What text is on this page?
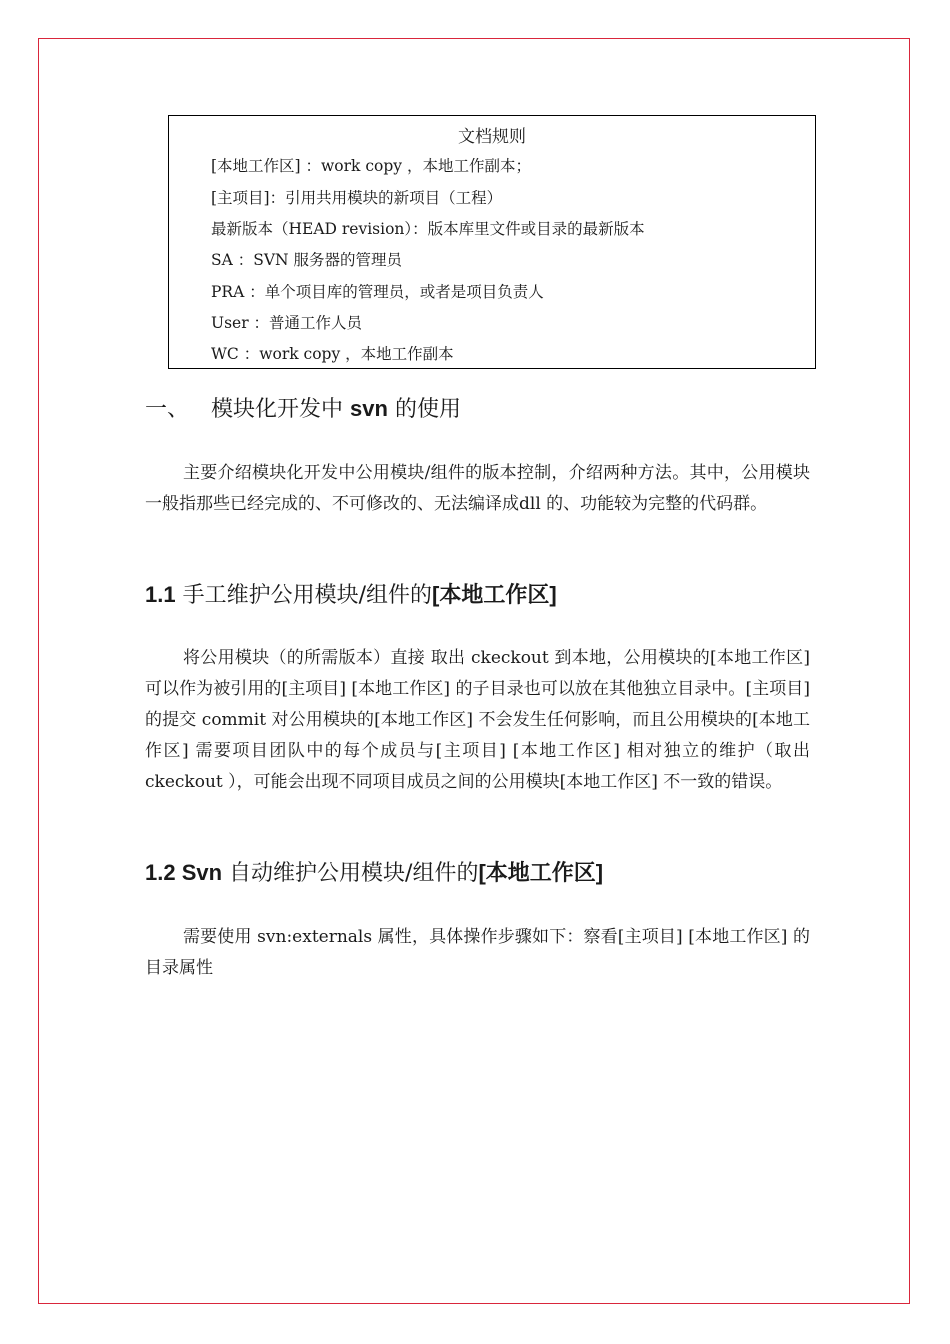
文档规则
[本地工作区] ：work copy ，本地工作副本；
[主项目]：引用共用模块的新项目（工程）
最新版本（HEAD revision）：版本库里文件或目录的最新版本
SA ：SVN 服务器的管理员
PRA ：单个项目库的管理员，或者是项目负责人
User ：普通工作人员
WC ：work copy ，本地工作副本
一、 模块化开发中 svn 的使用
主要介绍模块化开发中公用模块/组件的版本控制，介绍两种方法。其中，公用模块一般指那些已经完成的、不可修改的、无法编译成dll 的、功能较为完整的代码群。
1.1 手工维护公用模块/组件的[本地工作区]
将公用模块（的所需版本）直接 取出 ckeckout 到本地，公用模块的[本地工作区] 可以作为被引用的[主项目] [本地工作区] 的子目录也可以放在其他独立目录中。[主项目]的提交 commit 对公用模块的[本地工作区] 不会发生任何影响，而且公用模块的[本地工作区] 需要项目团队中的每个成员与[主项目] [本地工作区] 相对独立的维护（取出 ckeckout ），可能会出现不同项目成员之间的公用模块[本地工作区] 不一致的错误。
1.2 Svn 自动维护公用模块/组件的[本地工作区]
需要使用 svn:externals 属性，具体操作步骤如下：察看[主项目] [本地工作区] 的目录属性
